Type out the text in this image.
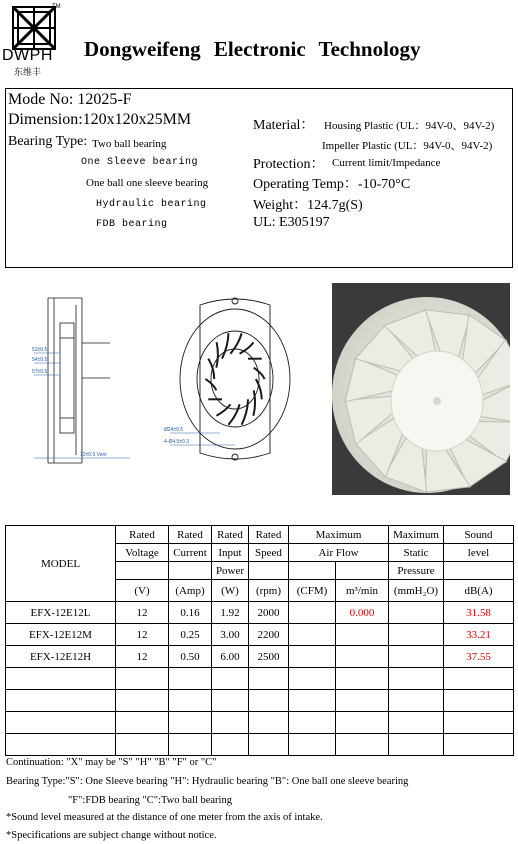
TM
DWPH
东维丰
Dongweifeng Electronic Technology
Mode No: 12025-F
Dimension:120x120x25MM
Bearing Type: Two ball bearing
One Sleeve bearing
One ball one sleeve bearing
Hydraulic bearing
FDB bearing
Material： Housing Plastic (UL：94V-0、94V-2)
Impeller Plastic (UL：94V-0、94V-2)
Protection： Current limit/Impedance
Operating Temp：-10-70°C
Weight：124.7g(S)
UL: E305197
52±0.5
54±0.5
57±0.5
12±0.5 Vent
Ø24±0.5
4-Ø4.5±0.3
MODEL	Rated	Rated	Rated	Rated	Maximum		Maximum	Sound
	Voltage	Current	Input	Speed	Air Flow		Static	level
			Power				Pressure	
	(V)	(Amp)	(W)	(rpm)	(CFM)	m³/min	(mmH₂O)	dB(A)
EFX-12E12L	12	0.16	1.92	2000		0.000		31.58
EFX-12E12M	12	0.25	3.00	2200				33.21
EFX-12E12H	12	0.50	6.00	2500				37.55

Continuation: "X" may be "S" "H" "B" "F" or "C"
Bearing Type:"S": One Sleeve bearing "H": Hydraulic bearing "B": One ball one sleeve bearing
"F":FDB bearing "C":Two ball bearing
*Sound level measured at the distance of one meter from the axis of intake.
*Specifications are subject change without notice.
